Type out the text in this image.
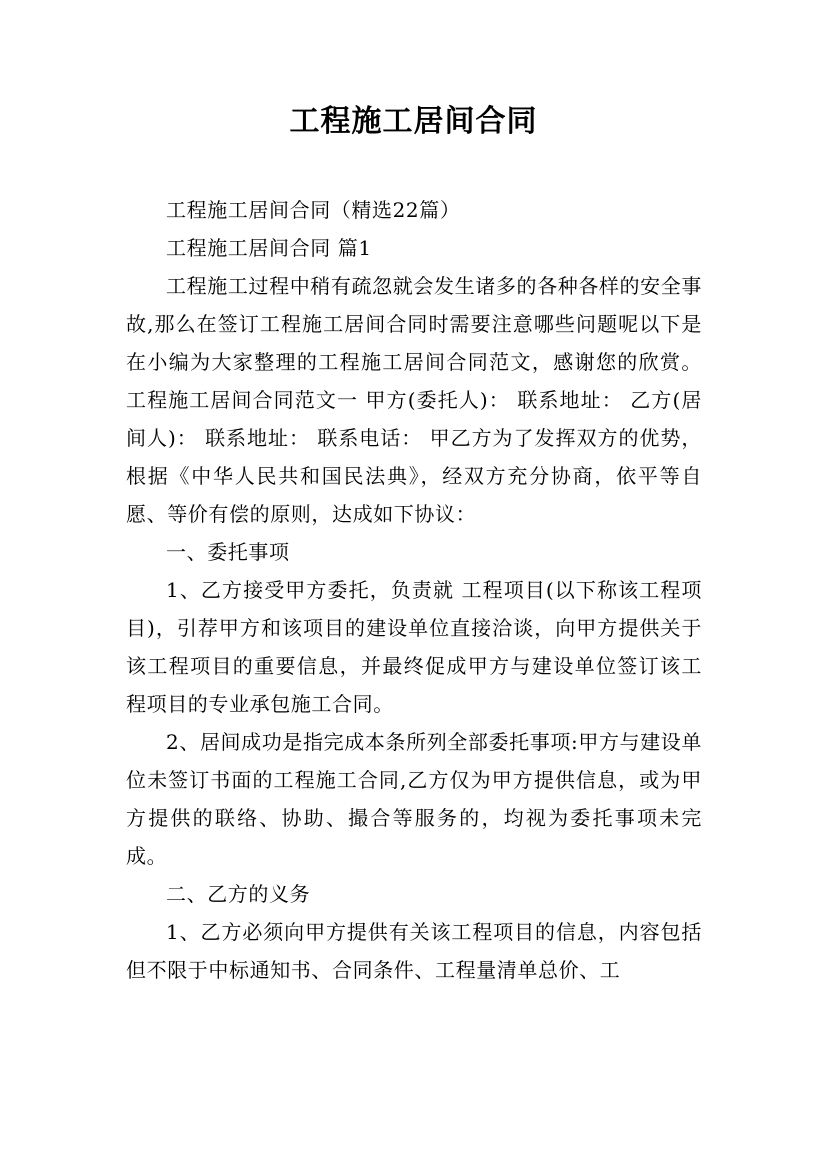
工程施工居间合同

工程施工居间合同（精选22篇）

工程施工居间合同 篇1

工程施工过程中稍有疏忽就会发生诸多的各种各样的安全事故,那么在签订工程施工居间合同时需要注意哪些问题呢以下是在小编为大家整理的工程施工居间合同范文，感谢您的欣赏。 工程施工居间合同范文一 甲方(委托人)： 联系地址： 乙方(居间人)： 联系地址： 联系电话： 甲乙方为了发挥双方的优势，根据《中华人民共和国民法典》，经双方充分协商，依平等自愿、等价有偿的原则，达成如下协议：

一、委托事项

1、乙方接受甲方委托，负责就 工程项目(以下称该工程项目)，引荐甲方和该项目的建设单位直接洽谈，向甲方提供关于该工程项目的重要信息，并最终促成甲方与建设单位签订该工程项目的专业承包施工合同。

2、居间成功是指完成本条所列全部委托事项:甲方与建设单位未签订书面的工程施工合同,乙方仅为甲方提供信息，或为甲方提供的联络、协助、撮合等服务的，均视为委托事项未完成。

二、乙方的义务

1、乙方必须向甲方提供有关该工程项目的信息，内容包括但不限于中标通知书、合同条件、工程量清单总价、工
